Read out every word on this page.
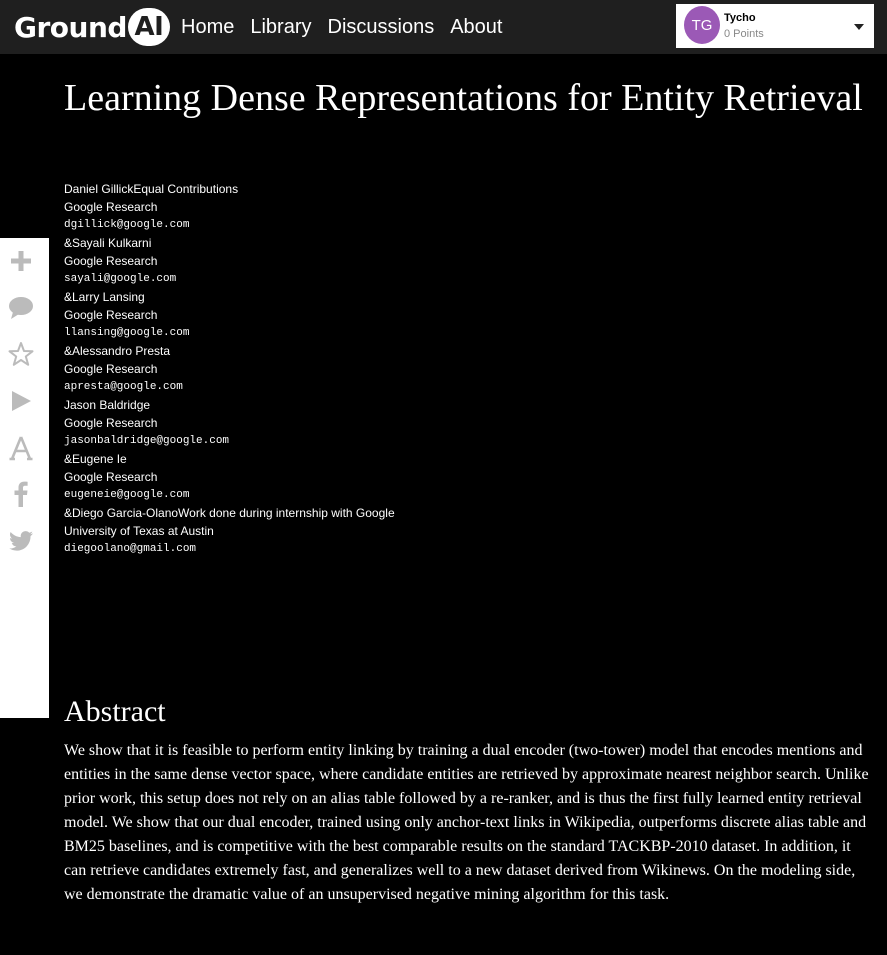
Ground AI Home Library Discussions About	TG	Tycho
0 Points
Learning Dense Representations for Entity Retrieval
Daniel GillickEqual Contributions
Google Research
dgillick@google.com
&Sayali Kulkarni
Google Research
sayali@google.com
&Larry Lansing
Google Research
llansing@google.com
&Alessandro Presta
Google Research
apresta@google.com
Jason Baldridge
Google Research
jasonbaldridge@google.com
&Eugene Ie
Google Research
eugeneie@google.com
&Diego Garcia-OlanoWork done during internship with Google
University of Texas at Austin
diegoolano@gmail.com
Abstract

We show that it is feasible to perform entity linking by training a dual encoder (two-tower) model that encodes mentions and entities in the same dense vector space, where candidate entities are retrieved by approximate nearest neighbor search. Unlike prior work, this setup does not rely on an alias table followed by a re-ranker, and is thus the first fully learned entity retrieval model. We show that our dual encoder, trained using only anchor-text links in Wikipedia, outperforms discrete alias table and BM25 baselines, and is competitive with the best comparable results on the standard TACKBP-2010 dataset. In addition, it can retrieve candidates extremely fast, and generalizes well to a new dataset derived from Wikinews. On the modeling side, we demonstrate the dramatic value of an unsupervised negative mining algorithm for this task.
